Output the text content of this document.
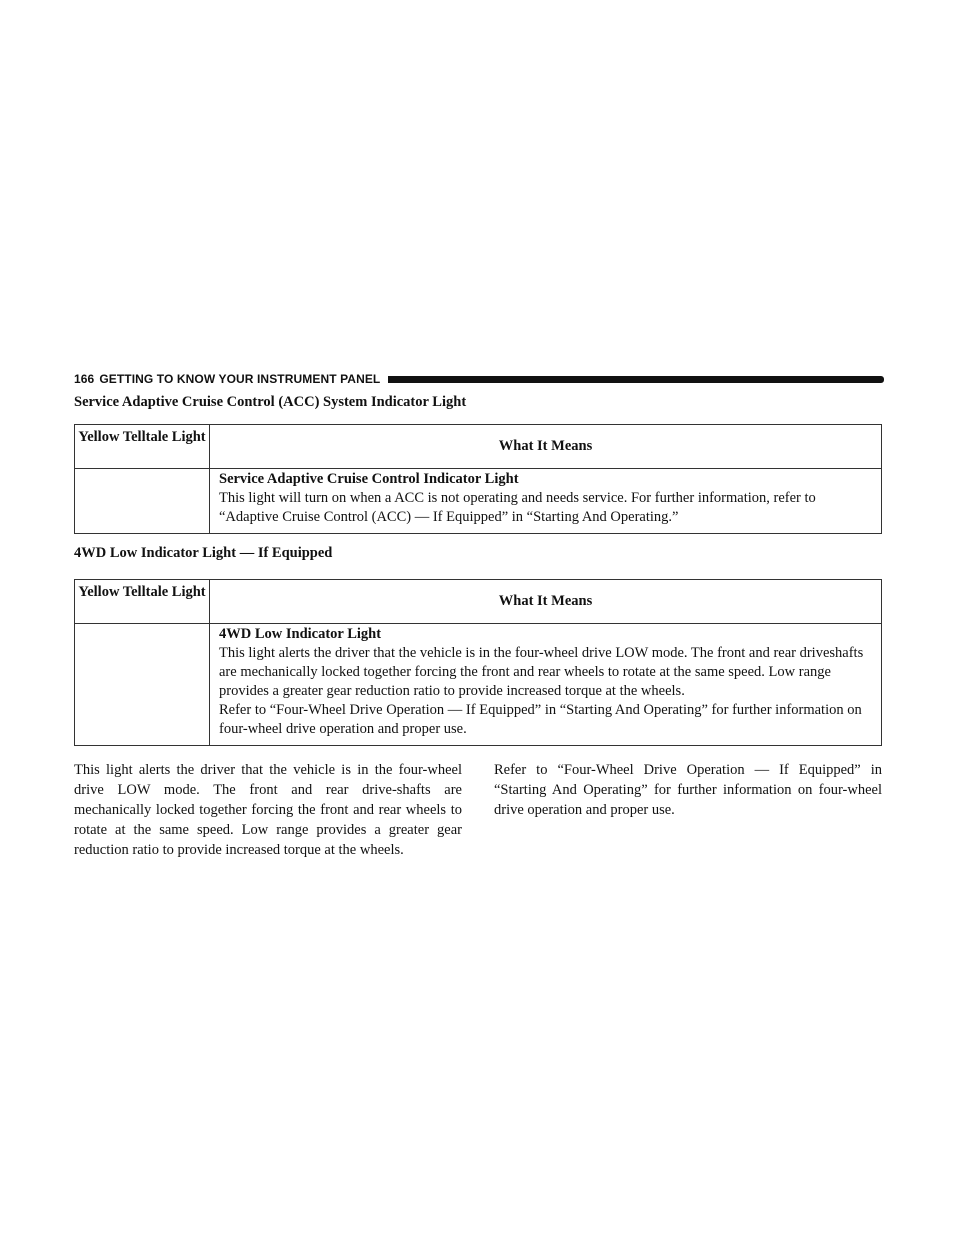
166 GETTING TO KNOW YOUR INSTRUMENT PANEL
Service Adaptive Cruise Control (ACC) System Indicator Light
Yellow Telltale Light	What It Means

	Service Adaptive Cruise Control Indicator Light
This light will turn on when a ACC is not operating and needs service. For further information, refer to “Adaptive Cruise Control (ACC) — If Equipped” in “Starting And Operating.”
4WD Low Indicator Light — If Equipped
Yellow Telltale Light	What It Means

	4WD Low Indicator Light
This light alerts the driver that the vehicle is in the four-wheel drive LOW mode. The front and rear driveshafts are mechanically locked together forcing the front and rear wheels to rotate at the same speed. Low range provides a greater gear reduction ratio to provide increased torque at the wheels.
Refer to “Four-Wheel Drive Operation — If Equipped” in “Starting And Operating” for further information on four-wheel drive operation and proper use.
This light alerts the driver that the vehicle is in the four-wheel drive LOW mode. The front and rear drive-shafts are mechanically locked together forcing the front and rear wheels to rotate at the same speed. Low range provides a greater gear reduction ratio to provide increased torque at the wheels.
Refer to “Four-Wheel Drive Operation — If Equipped” in “Starting And Operating” for further information on four-wheel drive operation and proper use.
